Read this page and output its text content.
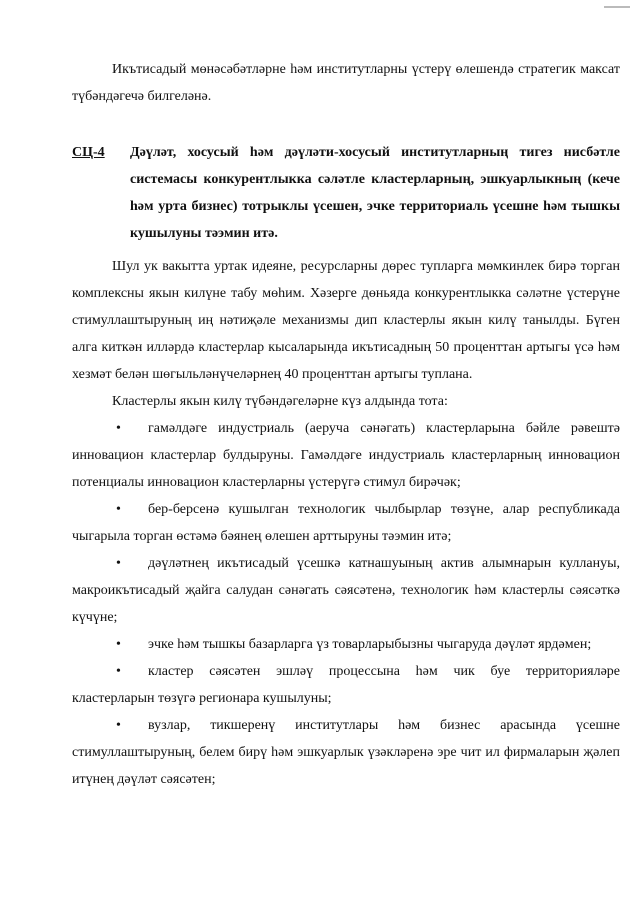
Икътисадый мөнәсәбәтләрне һәм институтларны үстерү өлешендә стратегик максат түбәндәгечә билгеләнә.

СЦ-4	Дәүләт, хосусый һәм дәүләти-хосусый институтларның тигез нисбәтле системасы конкурентлыкка сәләтле кластерларның, эшкуарлыкның (кече һәм урта бизнес) тотрыклы үсешен, эчке территориаль үсешне һәм тышкы кушылуны тәэмин итә.

Шул ук вакытта уртак идеяне, ресурсларны дөрес тупларга мөмкинлек бирә торган комплексны якын килүне табу мөһим. Хәзерге дөньяда конкурентлыкка сәләтне үстерүне стимуллаштыруның иң нәтиҗәле механизмы дип кластерлы якын килү танылды. Бүген алга киткән илләрдә кластерлар кысаларында икътисадның 50 проценттан артыгы үсә һәм хезмәт белән шөгыльләнүчеләрнең 40 проценттан артыгы туплана.

Кластерлы якын килү түбәндәгеләрне күз алдында тота:

• гамәлдәге индустриаль (аеруча сәнәгать) кластерларына бәйле рәвештә инновацион кластерлар булдыруны. Гамәлдәге индустриаль кластерларның инновацион потенциалы инновацион кластерларны үстерүгә стимул бирәчәк;
• бер-берсенә кушылган технологик чылбырлар төзүне, алар республикада чыгарыла торган өстәмә бәянең өлешен арттыруны тәэмин итә;
• дәүләтнең икътисадый үсешкә катнашуының актив алымнарын куллануы, макроикътисадый җайга салудан сәнәгать сәясәтенә, технологик һәм кластерлы сәясәткә күчүне;
• эчке һәм тышкы базарларга үз товарларыбызны чыгаруда дәүләт ярдәмен;
• кластер сәясәтен эшләү процессына һәм чик буе территорияләре кластерларын төзүгә регионара кушылуны;
• вузлар, тикшеренү институтлары һәм бизнес арасында үсешне стимуллаштыруның, белем бирү һәм эшкуарлык үзәкләренә эре чит ил фирмаларын җәлеп итүнең дәүләт сәясәтен;
